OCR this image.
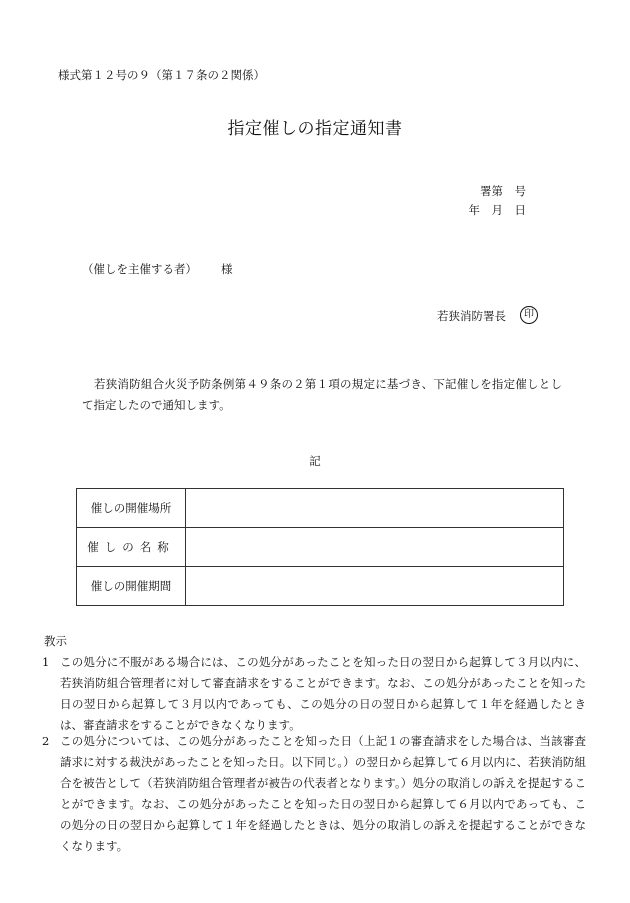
様式第１２号の９（第１７条の２関係）
指定催しの指定通知書
署第　号
年　月　日
（催しを主催する者） 様
若狭消防署長	印
若狭消防組合火災予防条例第４９条の２第１項の規定に基づき、下記催しを指定催しとして指定したので通知します。
記
催しの開催場所	
催しの名称	
催しの開催期間	
教示
1 この処分に不服がある場合には、この処分があったことを知った日の翌日から起算して３月以内に、若狭消防組合管理者に対して審査請求をすることができます。なお、この処分があったことを知った日の翌日から起算して３月以内であっても、この処分の日の翌日から起算して１年を経過したときは、審査請求をすることができなくなります。
2 この処分については、この処分があったことを知った日（上記１の審査請求をした場合は、当該審査請求に対する裁決があったことを知った日。以下同じ。）の翌日から起算して６月以内に、若狭消防組合を被告として（若狭消防組合管理者が被告の代表者となります。）処分の取消しの訴えを提起することができます。なお、この処分があったことを知った日の翌日から起算して６月以内であっても、この処分の日の翌日から起算して１年を経過したときは、処分の取消しの訴えを提起することができなくなります。
